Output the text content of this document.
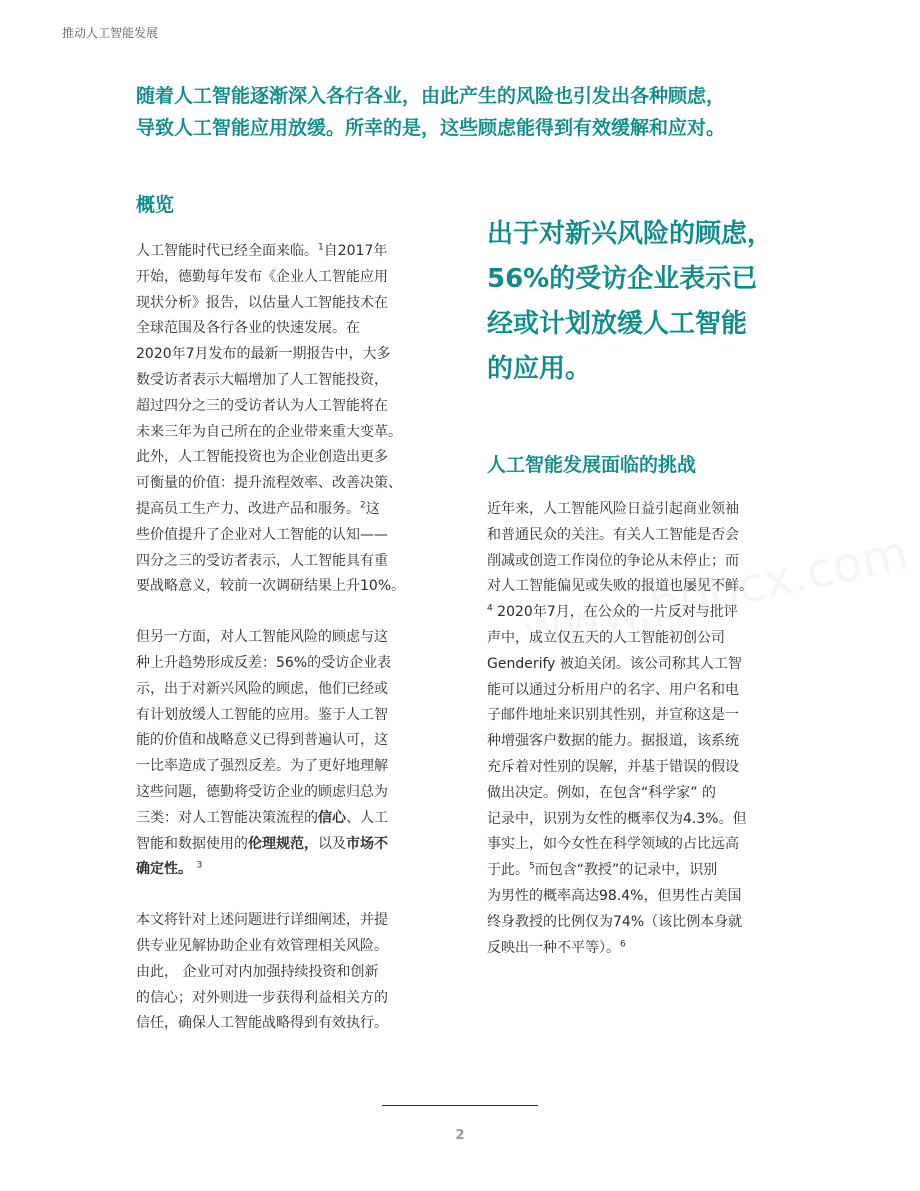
推动人工智能发展
随着人工智能逐渐深入各行各业，由此产生的风险也引发出各种顾虑，
导致人工智能应用放缓。所幸的是，这些顾虑能得到有效缓解和应对。
概览

人工智能时代已经全面来临。$^1$自2017年
开始，德勤每年发布《企业人工智能应用
现状分析》报告，以估量人工智能技术在
全球范围及各行各业的快速发展。在
2020年7月发布的最新一期报告中，大多
数受访者表示大幅增加了人工智能投资，
超过四分之三的受访者认为人工智能将在
未来三年为自己所在的企业带来重大变革。
此外，人工智能投资也为企业创造出更多
可衡量的价值：提升流程效率、改善决策、
提高员工生产力、改进产品和服务。$^2$这
些价值提升了企业对人工智能的认知——
四分之三的受访者表示，人工智能具有重
要战略意义，较前一次调研结果上升10%。

但另一方面，对人工智能风险的顾虑与这
种上升趋势形成反差：56%的受访企业表
示，出于对新兴风险的顾虑，他们已经或
有计划放缓人工智能的应用。鉴于人工智
能的价值和战略意义已得到普遍认可，这
一比率造成了强烈反差。为了更好地理解
这些问题，德勤将受访企业的顾虑归总为
三类：对人工智能决策流程的信心、人工
智能和数据使用的伦理规范，以及市场不
确定性。 $^3$

本文将针对上述问题进行详细阐述，并提
供专业见解协助企业有效管理相关风险。
由此， 企业可对内加强持续投资和创新
的信心；对外则进一步获得利益相关方的
信任，确保人工智能战略得到有效执行。

出于对新兴风险的顾虑，
56%的受访企业表示已
经或计划放缓人工智能
的应用。
人工智能发展面临的挑战

近年来，人工智能风险日益引起商业领袖
和普通民众的关注。有关人工智能是否会
削减或创造工作岗位的争论从未停止；而
对人工智能偏见或失败的报道也屡见不鲜。
$^4$ 2020年7月，在公众的一片反对与批评
声中，成立仅五天的人工智能初创公司
Genderify 被迫关闭。该公司称其人工智
能可以通过分析用户的名字、用户名和电
子邮件地址来识别其性别，并宣称这是一
种增强客户数据的能力。据报道，该系统
充斥着对性别的误解，并基于错误的假设
做出决定。例如，在包含“科学家” 的
记录中，识别为女性的概率仅为4.3%。但
事实上，如今女性在科学领域的占比远高
于此。$^5$而包含“教授”的记录中，识别
为男性的概率高达98.4%，但男性占美国
终身教授的比例仅为74%（该比例本身就
反映出一种不平等）。$^6$

2
